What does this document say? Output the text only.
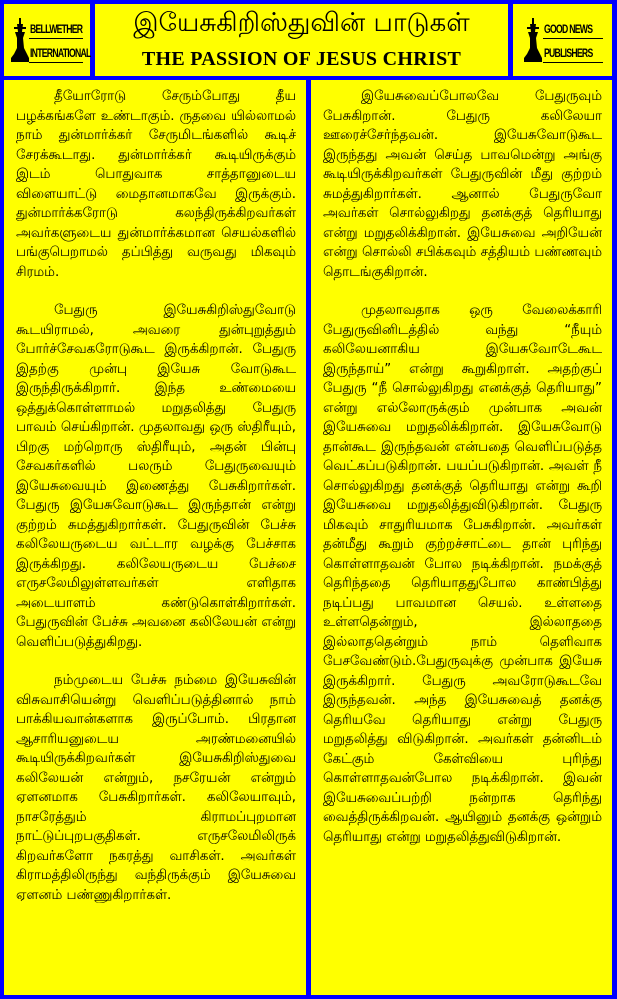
BELLWETHER
INTERNATIONAL
இயேசுகிறிஸ்துவின் பாடுகள்
THE PASSION OF JESUS CHRIST
GOOD NEWS
PUBLISHERS

தீயோரோடு சேரும்போது தீய பழக்கங்களே உண்டாகும். ருதவை யில்லாமல் நாம் துன்மார்க்கர் சேருமிடங்களில் கூடிச் சேரக்கூடாது. துன்மார்க்கர் கூடியிருக்கும் இடம் பொதுவாக சாத்தானுடைய விளையாட்டு மைதானமாகவே இருக்கும். துன்மார்க்கரோடு கலந்திருக்கிறவர்கள் அவர்களுடைய துன்மார்க்கமான செயல்களில் பங்குபெறாமல் தப்பித்து வருவது மிகவும் சிரமம்.

பேதுரு இயேசுகிறிஸ்துவோடு கூடயிராமல், அவரை துன்புறுத்தும் போர்ச்சேவகரோடுகூட இருக்கிறான். பேதுரு இதற்கு முன்பு இயேசு வோடுகூட இருந்திருக்கிறார். இந்த உண்மையை ஒத்துக்கொள்ளாமல் மறுதலித்து பேதுரு பாவம் செய்கிறான். முதலாவது ஒரு ஸ்திரீயும், பிறகு மற்றொரு ஸ்திரீயும், அதன் பின்பு சேவகர்களில் பலரும் பேதுருவையும் இயேசுவையும் இணைத்து பேசுகிறார்கள். பேதுரு இயேசுவோடுகூட இருந்தான் என்று குற்றம் சுமத்துகிறார்கள். பேதுருவின் பேச்சு கலிலேயருடைய வட்டார வழக்கு பேச்சாக இருக்கிறது. கலிலேயருடைய பேச்சை எருசலேமிலுள்ளவர்கள் எளிதாக அடையாளம் கண்டுகொள்கிறார்கள். பேதுருவின் பேச்சு அவனை கலிலேயன் என்று வெளிப்படுத்துகிறது.

நம்முடைய பேச்சு நம்மை இயேசுவின் விசுவாசியென்று வெளிப்படுத்தினால் நாம் பாக்கியவான்களாக இருப்போம். பிரதான ஆசாரியனுடைய அரண்மனையில் கூடியிருக்கிறவர்கள் இயேசுகிறிஸ்துவை கலிலேயன் என்றும், நசரேயன் என்றும் ஏளனமாக பேசுகிறார்கள். கலிலேயாவும், நாசரேத்தும் கிராமப்புறமான நாட்டுப்புறபகுதிகள். எருசலேமிலிருக் கிறவர்களோ நகரத்து வாசிகள். அவர்கள் கிராமத்திலிருந்து வந்திருக்கும் இயேசுவை ஏளனம் பண்ணுகிறார்கள்.

இயேசுவைப்போலவே பேதுருவும் பேசுகிறான். பேதுரு கலிலேயா ஊரைச்சேர்ந்தவன். இயேசுவோடுகூட இருந்தது அவன் செய்த பாவமென்று அங்கு கூடியிருக்கிறவர்கள் பேதுருவின் மீது குற்றம் சுமத்துகிறார்கள். ஆனால் பேதுருவோ அவர்கள் சொல்லுகிறது தனக்குத் தெரியாது என்று மறுதலிக்கிறான். இயேசுவை அறியேன் என்று சொல்லி சபிக்கவும் சத்தியம் பண்ணவும் தொடங்குகிறான்.

முதலாவதாக ஒரு வேலைக்காரி பேதுருவினிடத்தில் வந்து “நீயும் கலிலேயனாகிய இயேசுவோடேகூட இருந்தாய்” என்று கூறுகிறாள். அதற்குப் பேதுரு “நீ சொல்லுகிறது எனக்குத் தெரியாது” என்று எல்லோருக்கும் முன்பாக அவன் இயேசுவை மறுதலிக்கிறான். இயேசுவோடு தான்கூட இருந்தவன் என்பதை வெளிப்படுத்த வெட்கப்படுகிறான். பயப்படுகிறான். அவள் நீ சொல்லுகிறது தனக்குத் தெரியாது என்று கூறி இயேசுவை மறுதலித்துவிடுகிறான். பேதுரு மிகவும் சாதுரியமாக பேசுகிறான். அவர்கள் தன்மீது கூறும் குற்றச்சாட்டை தான் புரிந்து கொள்ளாதவன் போல நடிக்கிறான். நமக்குத் தெரிந்ததை தெரியாததுபோல காண்பித்து நடிப்பது பாவமான செயல். உள்ளதை உள்ளதென்றும், இல்லாததை இல்லாததென்றும் நாம் தெளிவாக பேசவேண்டும்.பேதுருவுக்கு முன்பாக இயேசு இருக்கிறார். பேதுரு அவரோடுகூடவே இருந்தவன். அந்த இயேசுவைத் தனக்கு தெரியவே தெரியாது என்று பேதுரு மறுதலித்து விடுகிறான். அவர்கள் தன்னிடம் கேட்கும் கேள்வியை புரிந்து கொள்ளாதவன்போல நடிக்கிறான். இவன் இயேசுவைப்பற்றி நன்றாக தெரிந்து வைத்திருக்கிறவன். ஆயினும் தனக்கு ஒன்றும் தெரியாது என்று மறுதலித்துவிடுகிறான்.
